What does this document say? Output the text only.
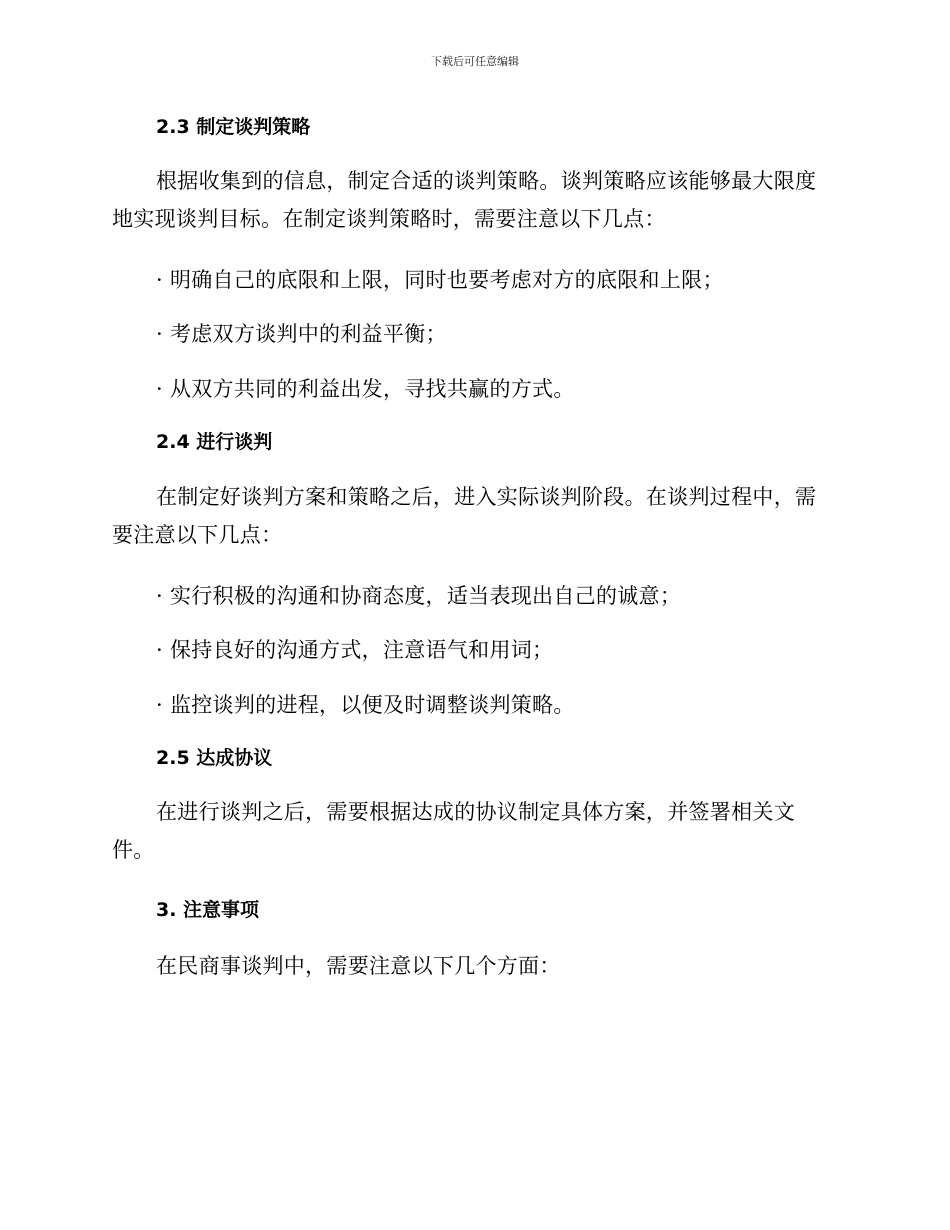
下载后可任意编辑
2.3 制定谈判策略

根据收集到的信息，制定合适的谈判策略。谈判策略应该能够最大限度地实现谈判目标。在制定谈判策略时，需要注意以下几点：

· 明确自己的底限和上限，同时也要考虑对方的底限和上限；

· 考虑双方谈判中的利益平衡；

· 从双方共同的利益出发，寻找共赢的方式。

2.4 进行谈判

在制定好谈判方案和策略之后，进入实际谈判阶段。在谈判过程中，需要注意以下几点：

· 实行积极的沟通和协商态度，适当表现出自己的诚意；

· 保持良好的沟通方式，注意语气和用词；

· 监控谈判的进程，以便及时调整谈判策略。

2.5 达成协议

在进行谈判之后，需要根据达成的协议制定具体方案，并签署相关文件。

3. 注意事项

在民商事谈判中，需要注意以下几个方面：
